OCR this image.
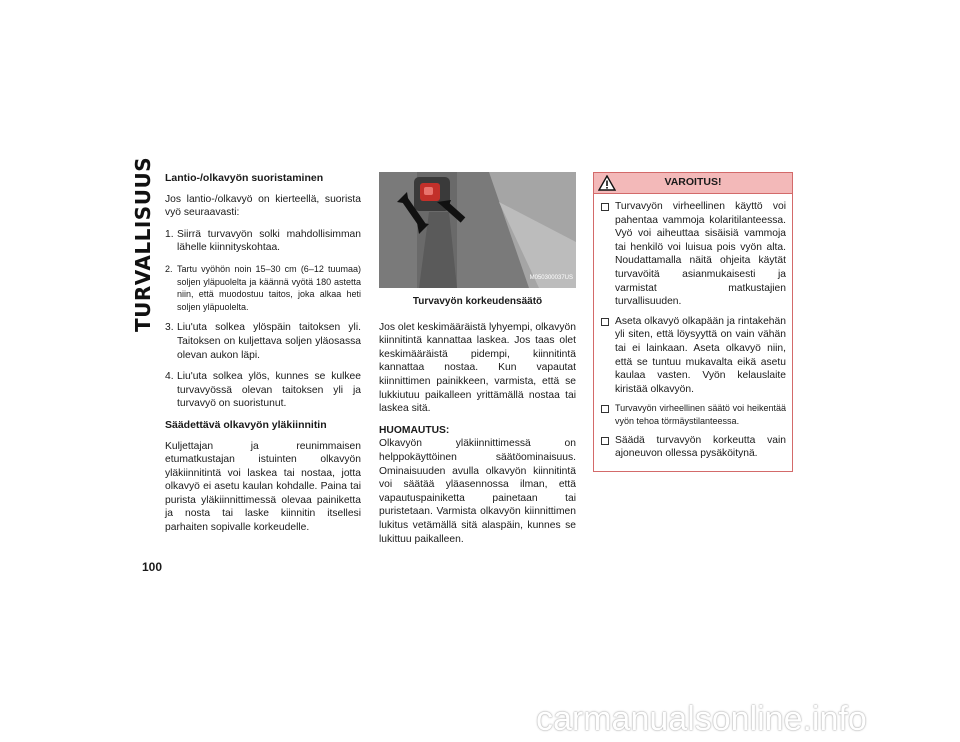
TURVALLISUUS
100
Lantio-/olkavyön suoristaminen

Jos lantio-/olkavyö on kierteellä, suorista vyö seuraavasti:

1. Siirrä turvavyön solki mahdollisimman lähelle kiinnityskohtaa.
2. Tartu vyöhön noin 15–30 cm (6–12 tuumaa) soljen yläpuolelta ja käännä vyötä 180 astetta niin, että muodostuu taitos, joka alkaa heti soljen yläpuolelta.
3. Liu'uta solkea ylöspäin taitoksen yli. Taitoksen on kuljettava soljen yläosassa olevan aukon läpi.
4. Liu'uta solkea ylös, kunnes se kulkee turvavyössä olevan taitoksen yli ja turvavyö on suoristunut.
Säädettävä olkavyön yläkiinnitin

Kuljettajan ja reunimmaisen etumatkustajan istuinten olkavyön yläkiinnitintä voi laskea tai nostaa, jotta olkavyö ei asetu kaulan kohdalle. Paina tai purista yläkiinnittimessä olevaa painiketta ja nosta tai laske kiinnitin itsellesi parhaiten sopivalle korkeudelle.

M050300037US
Turvavyön korkeudensäätö

Jos olet keskimääräistä lyhyempi, olkavyön kiinnitintä kannattaa laskea. Jos taas olet keskimääräistä pidempi, kiinnitintä kannattaa nostaa. Kun vapautat kiinnittimen painikkeen, varmista, että se lukkiutuu paikalleen yrittämällä nostaa tai laskea sitä.

HUOMAUTUS:

Olkavyön yläkiinnittimessä on helppokäyttöinen säätöominaisuus. Ominaisuuden avulla olkavyön kiinnitintä voi säätää yläasennossa ilman, että vapautuspainiketta painetaan tai puristetaan. Varmista olkavyön kiinnittimen lukitus vetämällä sitä alaspäin, kunnes se lukittuu paikalleen.

VAROITUS!
Turvavyön virheellinen käyttö voi pahentaa vammoja kolaritilanteessa. Vyö voi aiheuttaa sisäisiä vammoja tai henkilö voi luisua pois vyön alta. Noudattamalla näitä ohjeita käytät turvavöitä asianmukaisesti ja varmistat matkustajien turvallisuuden.
Aseta olkavyö olkapään ja rintakehän yli siten, että löysyyttä on vain vähän tai ei lainkaan. Aseta olkavyö niin, että se tuntuu mukavalta eikä asetu kaulaa vasten. Vyön kelauslaite kiristää olkavyön.
Turvavyön virheellinen säätö voi heikentää vyön tehoa törmäystilanteessa.
Säädä turvavyön korkeutta vain ajoneuvon ollessa pysäköitynä.
carmanualsonline.info
